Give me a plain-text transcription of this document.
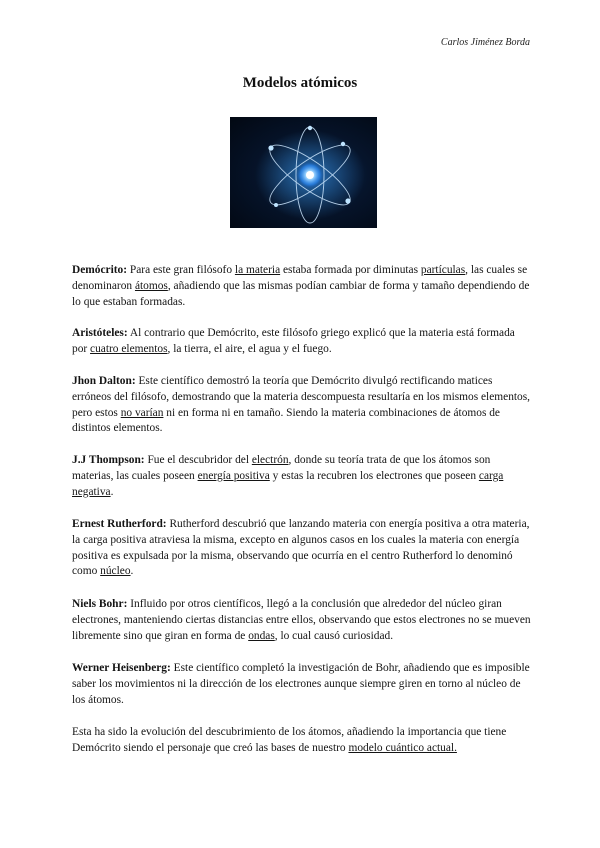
Carlos Jiménez Borda
Modelos atómicos

Demócrito: Para este gran filósofo la materia estaba formada por diminutas partículas, las cuales se denominaron átomos, añadiendo que las mismas podían cambiar de forma y tamaño dependiendo de lo que estaban formadas.

Aristóteles: Al contrario que Demócrito, este filósofo griego explicó que la materia está formada por cuatro elementos, la tierra, el aire, el agua y el fuego.

Jhon Dalton: Este científico demostró la teoría que Demócrito divulgó rectificando matices erróneos del filósofo, demostrando que la materia descompuesta resultaría en los mismos elementos, pero estos no varían ni en forma ni en tamaño. Siendo la materia combinaciones de átomos de distintos elementos.

J.J Thompson: Fue el descubridor del electrón, donde su teoría trata de que los átomos son materias, las cuales poseen energía positiva y estas la recubren los electrones que poseen carga negativa.

Ernest Rutherford: Rutherford descubrió que lanzando materia con energía positiva a otra materia, la carga positiva atraviesa la misma, excepto en algunos casos en los cuales la materia con energía positiva es expulsada por la misma, observando que ocurría en el centro Rutherford lo denominó como núcleo.

Niels Bohr: Influido por otros científicos, llegó a la conclusión que alrededor del núcleo giran electrones, manteniendo ciertas distancias entre ellos, observando que estos electrones no se mueven libremente sino que giran en forma de ondas, lo cual causó curiosidad.

Werner Heisenberg: Este científico completó la investigación de Bohr, añadiendo que es imposible saber los movimientos ni la dirección de los electrones aunque siempre giren en torno al núcleo de los átomos.

Esta ha sido la evolución del descubrimiento de los átomos, añadiendo la importancia que tiene Demócrito siendo el personaje que creó las bases de nuestro modelo cuántico actual.
